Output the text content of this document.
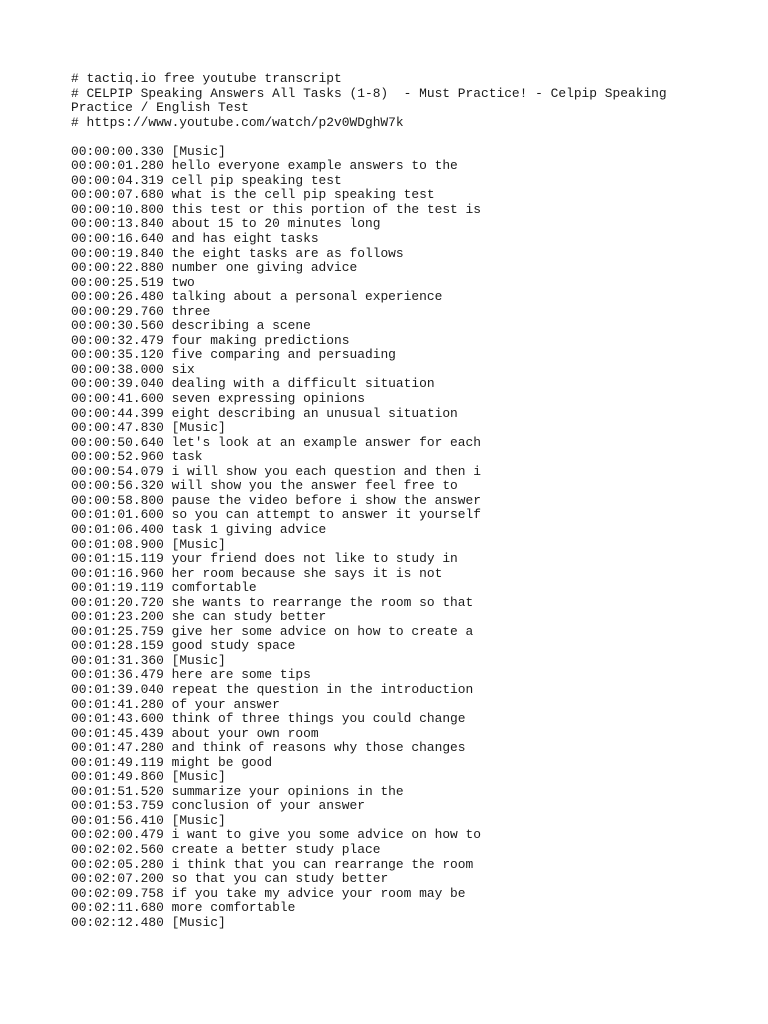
# tactiq.io free youtube transcript
# CELPIP Speaking Answers All Tasks (1-8)  - Must Practice! - Celpip Speaking
Practice / English Test
# https://www.youtube.com/watch/p2v0WDghW7k
00:00:00.330 [Music]
00:00:01.280 hello everyone example answers to the
00:00:04.319 cell pip speaking test
00:00:07.680 what is the cell pip speaking test
00:00:10.800 this test or this portion of the test is
00:00:13.840 about 15 to 20 minutes long
00:00:16.640 and has eight tasks
00:00:19.840 the eight tasks are as follows
00:00:22.880 number one giving advice
00:00:25.519 two
00:00:26.480 talking about a personal experience
00:00:29.760 three
00:00:30.560 describing a scene
00:00:32.479 four making predictions
00:00:35.120 five comparing and persuading
00:00:38.000 six
00:00:39.040 dealing with a difficult situation
00:00:41.600 seven expressing opinions
00:00:44.399 eight describing an unusual situation
00:00:47.830 [Music]
00:00:50.640 let's look at an example answer for each
00:00:52.960 task
00:00:54.079 i will show you each question and then i
00:00:56.320 will show you the answer feel free to
00:00:58.800 pause the video before i show the answer
00:01:01.600 so you can attempt to answer it yourself
00:01:06.400 task 1 giving advice
00:01:08.900 [Music]
00:01:15.119 your friend does not like to study in
00:01:16.960 her room because she says it is not
00:01:19.119 comfortable
00:01:20.720 she wants to rearrange the room so that
00:01:23.200 she can study better
00:01:25.759 give her some advice on how to create a
00:01:28.159 good study space
00:01:31.360 [Music]
00:01:36.479 here are some tips
00:01:39.040 repeat the question in the introduction
00:01:41.280 of your answer
00:01:43.600 think of three things you could change
00:01:45.439 about your own room
00:01:47.280 and think of reasons why those changes
00:01:49.119 might be good
00:01:49.860 [Music]
00:01:51.520 summarize your opinions in the
00:01:53.759 conclusion of your answer
00:01:56.410 [Music]
00:02:00.479 i want to give you some advice on how to
00:02:02.560 create a better study place
00:02:05.280 i think that you can rearrange the room
00:02:07.200 so that you can study better
00:02:09.758 if you take my advice your room may be
00:02:11.680 more comfortable
00:02:12.480 [Music]
